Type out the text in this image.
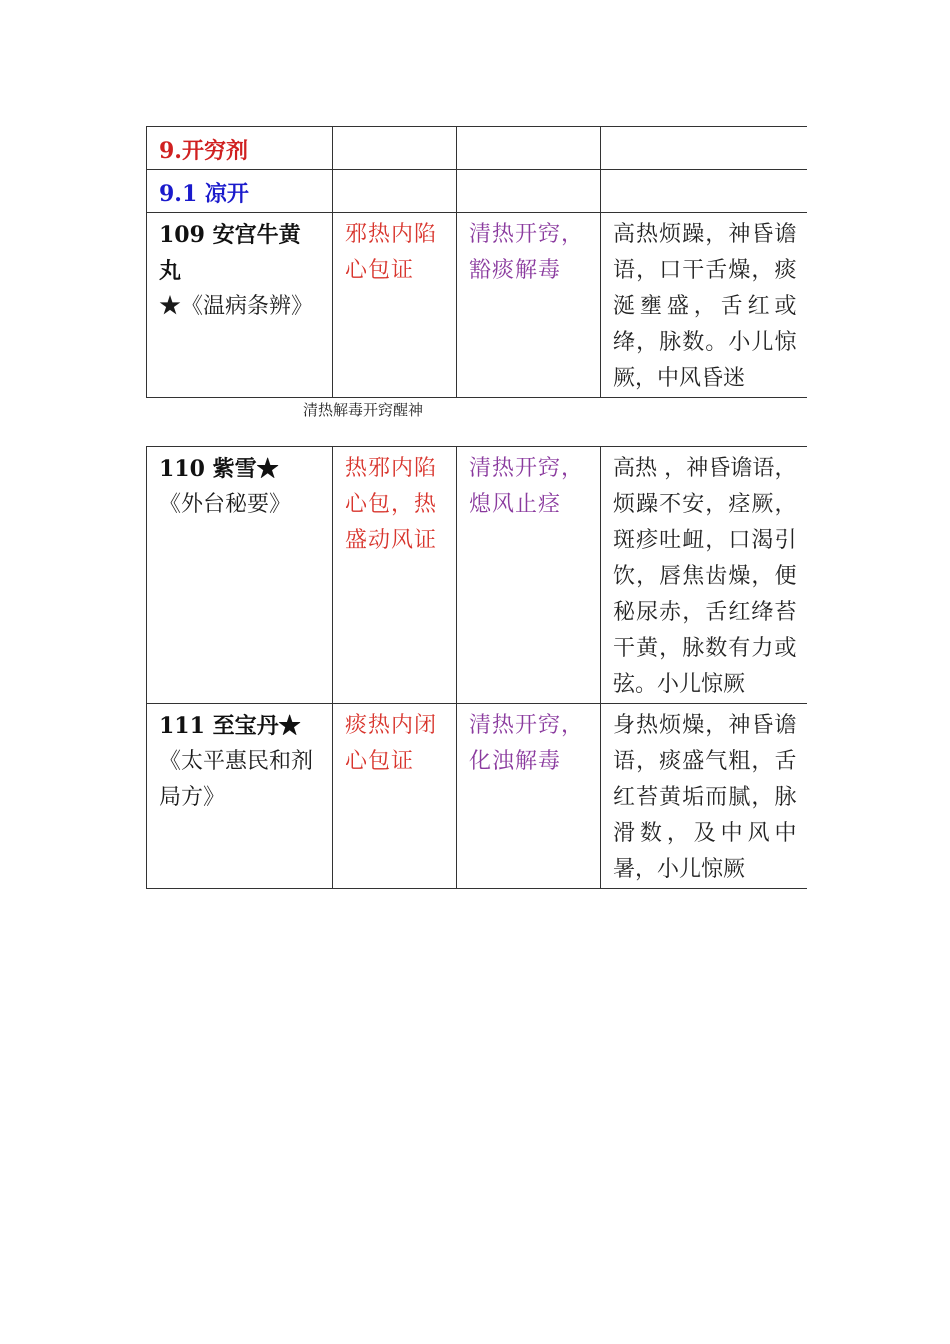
9.开穷剂			
9.1 凉开			

109 安宫牛黄丸
★《温病条辨》	邪热内陷心包证	清热开窍，豁痰解毒	高热烦躁，神昏谵语，口干舌燥，痰涎壅盛，舌红或绛，脉数。小儿惊厥，中风昏迷
清热解毒开窍醒神
110 紫雪★
《外台秘要》	热邪内陷心包，热盛动风证	清热开窍，熄风止痉	高热 ，神昏谵语，烦躁不安，痉厥，斑疹吐衄，口渴引饮，唇焦齿燥，便秘尿赤，舌红绛苔干黄，脉数有力或弦。小儿惊厥

111 至宝丹★
《太平惠民和剂局方》	痰热内闭心包证	清热开窍，化浊解毒	身热烦燥，神昏谵语，痰盛气粗，舌红苔黄垢而腻，脉滑数，及中风中暑，小儿惊厥
